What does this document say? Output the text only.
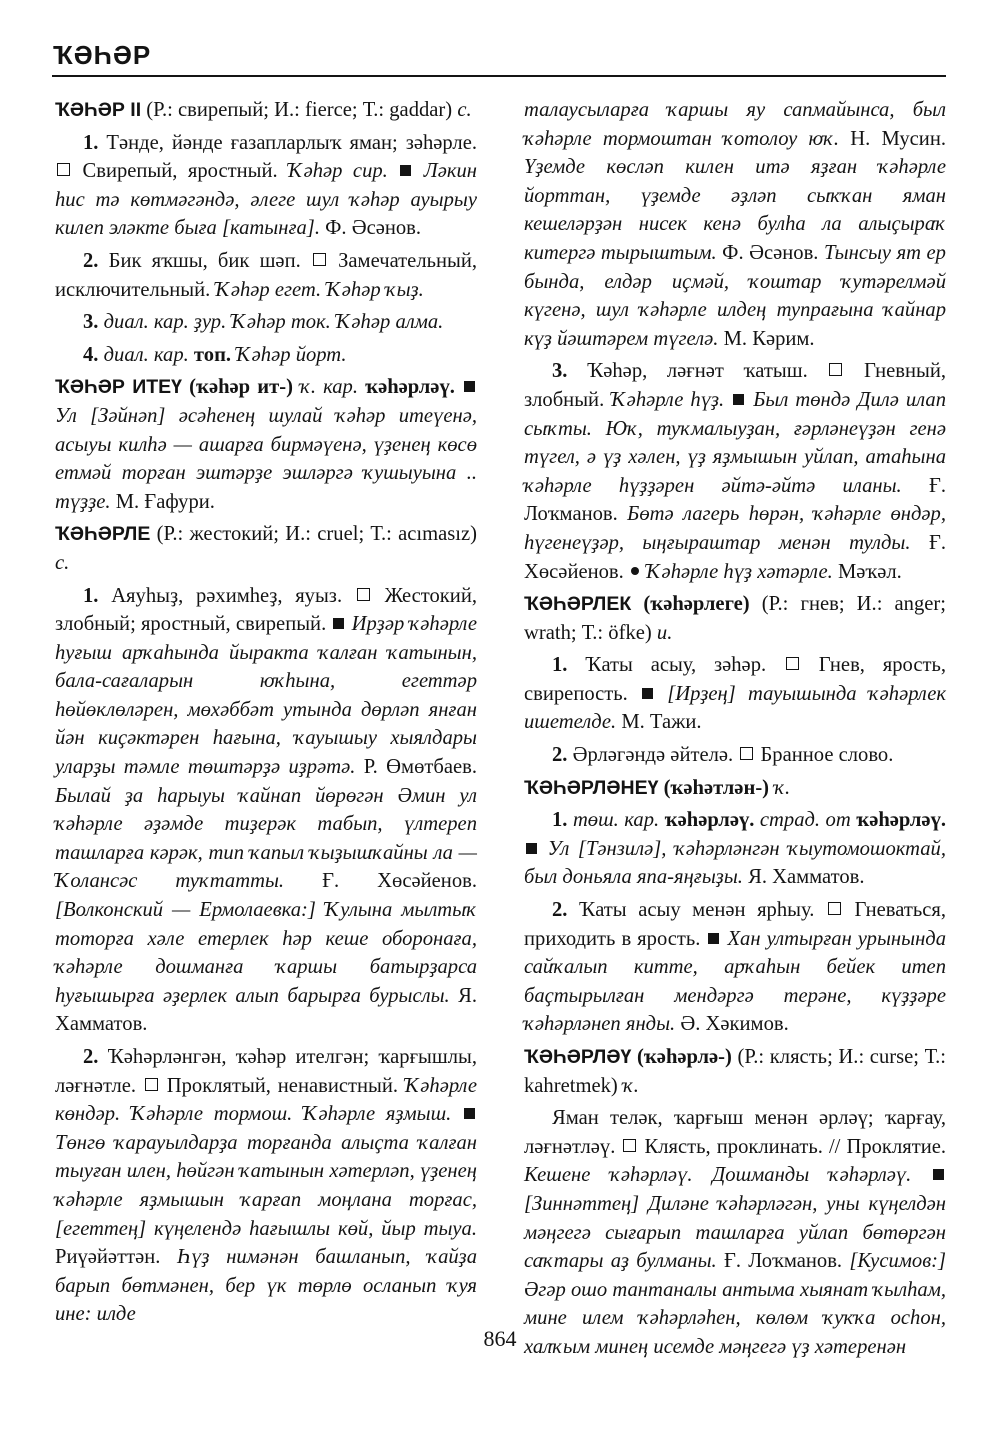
ҠӘҺӘР

ҠӘҺӘР II (Р.: свирепый; И.: fierce; Т.: gaddar) с.

1. Тәнде, йәнде ғазапларлыҡ яман; зәһәрле.  Свирепый, яростный. Ҡәһәр сир. Ләкин һис тә көтмәгәндә, әлеге шул ҡәһәр ауырыу килеп эләкте быға [катынға]. Ф. Әсәнов.

2. Бик яҡшы, бик шәп. Замечательный, исключительный. Ҡәһәр егет. Ҡәһәр ҡыҙ.

3. диал. кар. ҙур. Ҡәһәр ток. Ҡәһәр алма.

4. диал. кар. топ. Ҡәһәр йорт.

ҠӘҺӘР ИТЕҮ (ҡәһәр ит-) ҡ. кар. ҡәһәрләү.  Ул [Зәйнәп] әсәһенең шулай ҡәһәр итеүенә, асыуы килһә — ашарға бирмәүенә, үҙенең көсө етмәй торған эштәрҙе эшләргә ҡушыуына .. түҙҙе. М. Ғафури.

ҠӘҺӘРЛЕ (Р.: жестокий; И.: cruel; Т.: acımasız) с.

1. Аяуһыҙ, рәхимһеҙ, яуыз. Жестокий, злобный; яростный, свирепый. Ирҙәр ҡәһәрле һуғыш арҡаһында йыракта ҡалған ҡатынын, бала-сағаларын юҡһына, егеттәр һөйөклөләрен, мөхәббәт утында дөрләп янған йән киҫәктәрен һағына, ҡауышыу хыялдары уларҙы тәмле төштәрҙә иҙрәтә. Р. Өмөтбаев. Былай ҙа һарыуы ҡайнап йөрөгән Әмин ул ҡәһәрле әҙәмде тиҙерәк табып, үлтереп ташларға кәрәк, тип ҡапыл ҡыҙышҡайны ла — Ҡолансәс туҡтатты. Ғ. Хөсәйенов. [Волконский — Ермолаевка:] Ҡулына мылтыҡ тоторға хәле етерлек һәр кеше оборонаға, ҡәһәрле дошманға ҡаршы батырҙарса һуғышырға әҙерлек алып барырға бурыслы. Я. Хамматов.

2. Ҡәһәрләнгән, ҡәһәр ителгән; ҡарғышлы, ләғнәтле. Проклятый, ненавистный. Ҡәһәрле көндәр. Ҡәһәрле тормош. Ҡәһәрле яҙмыш.  Төнгө ҡарауылдарҙа торғанда алыҫта ҡалған тыуған илен, һөйгән ҡатынын хәтерләп, үҙенең ҡәһәрле яҙмышын ҡарғап моңлана торғас, [егеттең] күңелендә һағышлы көй, йыр тыуа. Риүәйәттән. Һүҙ нимәнән башланып, ҡайҙа барып бөтмәнен, бер үк төрлө осланып ҡуя ине: илде

талаусыларға ҡаршы яу сапмайынса, был ҡәһәрле тормоштан ҡотолоу юҡ. Н. Мусин. Үҙемде көсләп килен итә яҙған ҡәһәрле йорттан, үҙемде әҙләп сыҡҡан яман кешеләрҙән нисек кенә булһа ла алыҫыраҡ китергә тырыштым. Ф. Әсәнов. Тынсыу ят ер бында, елдәр иҫмәй, ҡоштар ҡутәрелмәй күгенә, шул ҡәһәрле илдең тупрағына ҡайнар күҙ йәштәрем түгелә. М. Кәрим.

3. Ҡәһәр, ләғнәт ҡатыш.	Гневный, злобный. Ҡәһәрле һүҙ. Был төндә Дилә илап сыҡты. Юҡ, туҡмалыуҙан, ғәрләнеүҙән генә түгел, ә үҙ хәлен, үҙ яҙмышын уйлап, атаһына ҡәһәрле һүҙҙәрен әйтә-әйтә иланы. Ғ. Лоҡманов. Бөтә лагерь һөрән, ҡәһәрле өндәр, һүгенеүҙәр, ыңғыраштар менән тулды. Ғ. Хөсәйенов. Ҡәһәрле һүҙ хәтәрле. Мәҡәл.

ҠӘҺӘРЛЕК (ҡәһәрлеге) (Р.: гнев; И.: anger; wrath; Т.: öfke) и.

1. Ҡаты асыу, зәһәр.	Гнев, ярость, свирепость. [Ирҙең] тауышында ҡәһәрлек ишетелде. М. Тажи.

2. Әрләгәндә әйтелә. Бранное слово.

ҠӘҺӘРЛӘНЕҮ (ҡәһәтлән-) ҡ.

1. төш. кар. ҡәһәрләү. страд. от ҡәһәрләү.  Ул [Тәнзилә], ҡәһәрләнгән ҡыутомошоктай, был доньяла япа-яңғыҙы. Я. Хамматов.

2. Ҡаты асыу менән ярһыу. Гневаться, приходить в ярость. Хан ултырған урынында сайҡалып китте, арҡаһын бейек итеп баҫтырылған мендәргә терәне, күҙҙәре ҡәһәрләнеп янды. Ә. Хәкимов.

ҠӘҺӘРЛӘҮ (ҡәһәрлә-) (Р.: клясть; И.: curse; Т.: kahretmek) ҡ.

Яман теләк, ҡарғыш менән әрләү; ҡарғау, ләғнәтләү. Клясть, проклинать. // Проклятие. Кешене ҡәһәрләү. Дошманды ҡәһәрләү.  [Зиннәттең] Диләне ҡәһәрләгән, уны күңелдән мәңгегә сығарып ташларға уйлап бөтөргән саҡтары аҙ булманы. Ғ. Лоҡманов. [Кусимов:] Әгәр ошо тантаналы антыма хыянат ҡылһам, мине илем ҡәһәрләһен, көлөм ҡуҡҡа осһон, халҡым минең исемде мәңгегә үҙ хәтеренән

864
